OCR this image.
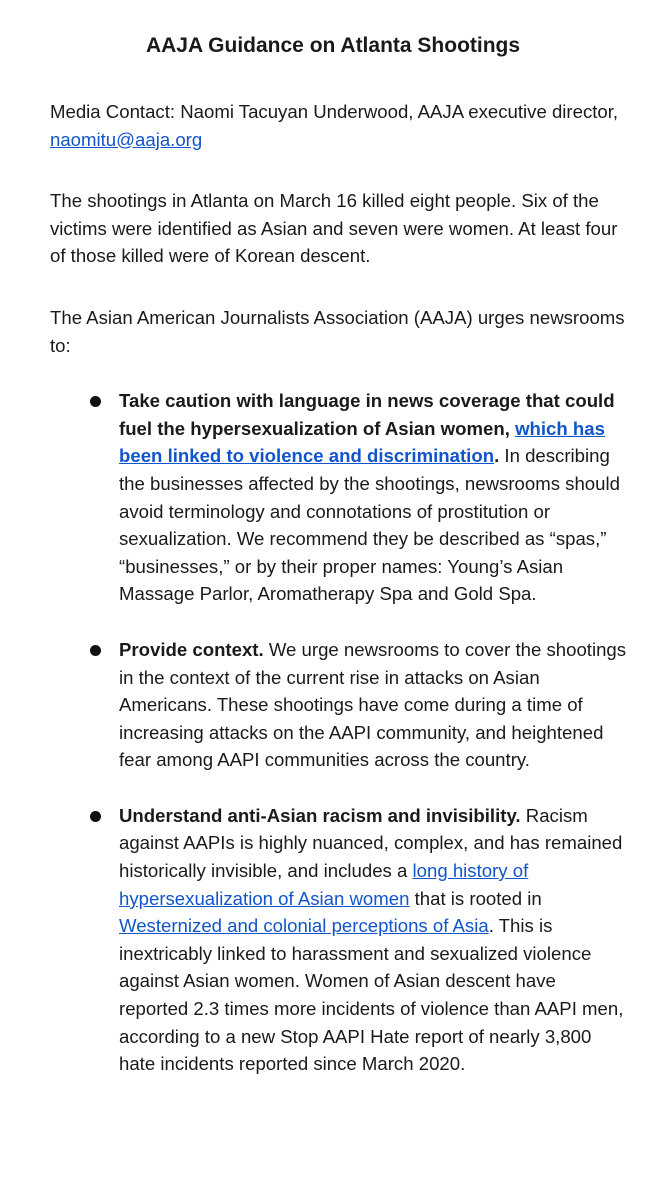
AAJA Guidance on Atlanta Shootings

Media Contact: Naomi Tacuyan Underwood, AAJA executive director, naomitu@aaja.org

The shootings in Atlanta on March 16 killed eight people. Six of the victims were identified as Asian and seven were women. At least four of those killed were of Korean descent.

The Asian American Journalists Association (AAJA) urges newsrooms to:

Take caution with language in news coverage that could fuel the hypersexualization of Asian women, which has been linked to violence and discrimination. In describing the businesses affected by the shootings, newsrooms should avoid terminology and connotations of prostitution or sexualization. We recommend they be described as “spas,” “businesses,” or by their proper names: Young’s Asian Massage Parlor, Aromatherapy Spa and Gold Spa.
Provide context. We urge newsrooms to cover the shootings in the context of the current rise in attacks on Asian Americans. These shootings have come during a time of increasing attacks on the AAPI community, and heightened fear among AAPI communities across the country.
Understand anti-Asian racism and invisibility. Racism against AAPIs is highly nuanced, complex, and has remained historically invisible, and includes a long history of hypersexualization of Asian women that is rooted in Westernized and colonial perceptions of Asia. This is inextricably linked to harassment and sexualized violence against Asian women. Women of Asian descent have reported 2.3 times more incidents of violence than AAPI men, according to a new Stop AAPI Hate report of nearly 3,800 hate incidents reported since March 2020.
